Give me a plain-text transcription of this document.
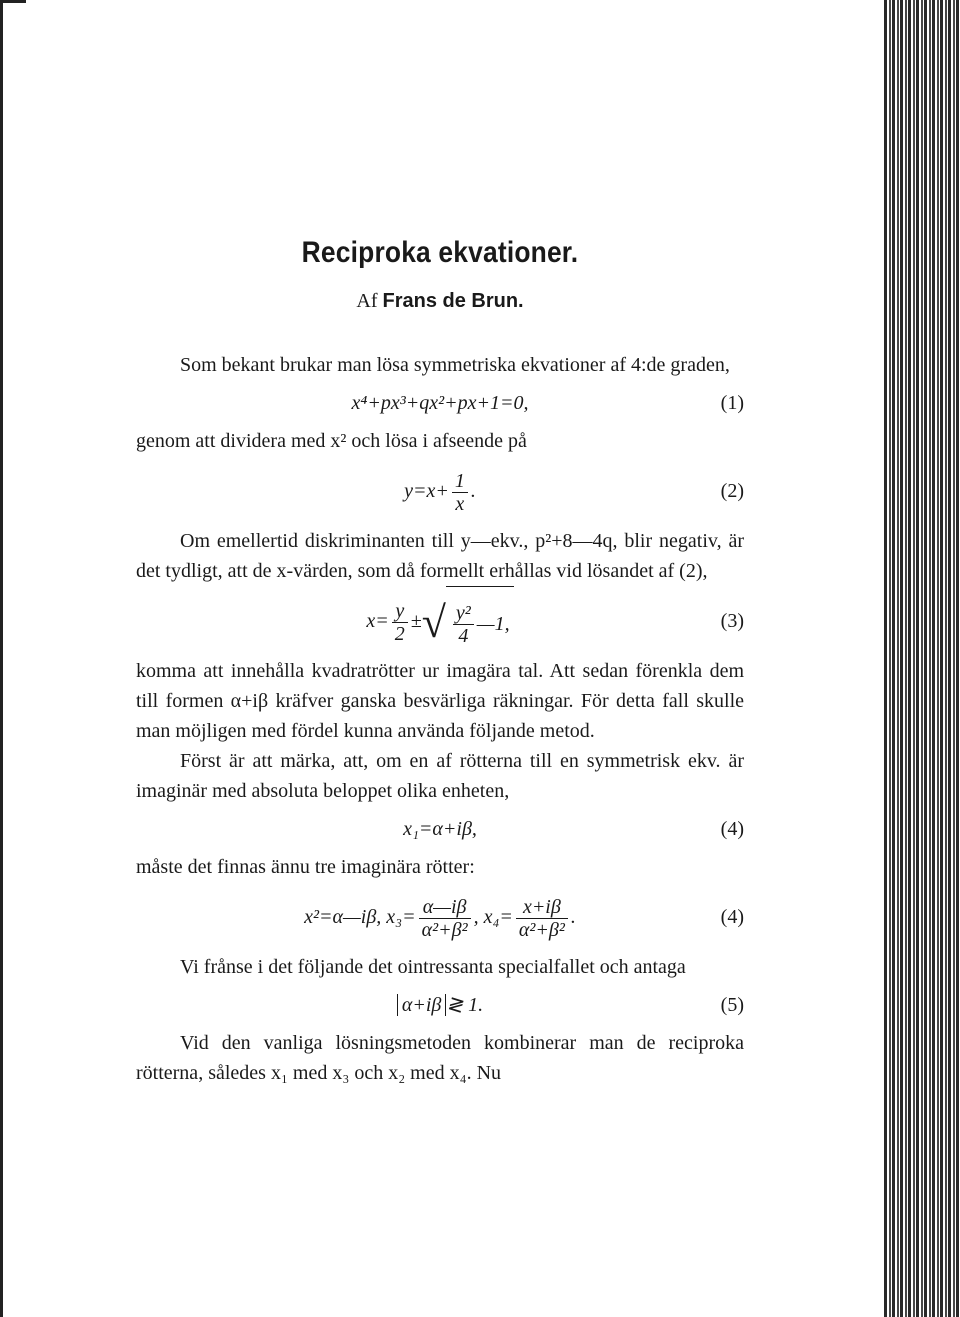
Reciproka ekvationer.
Af Frans de Brun.

Som bekant brukar man lösa symmetriska ekvationer af 4:de graden,

x⁴+px³+qx²+px+1=0,	(1)

genom att dividera med x² och lösa i afseende på

$y=x+ \frac{1}{x}$ .	(2)

Om emellertid diskriminanten till y—ekv., p²+8—4q, blir negativ, är det tydligt, att de x-värden, som då formellt erhållas vid lösandet af (2),

$x= \frac{y}{2}$ ± √ $\frac{\text{y²}}{4}$ —1,	(3)

komma att innehålla kvadratrötter ur imagära tal. Att sedan förenkla dem till formen α+iβ kräfver ganska besvärliga räkningar. För detta fall skulle man möjligen med fördel kunna använda följande metod.

Först är att märka, att, om en af rötterna till en symmetrisk ekv. är imaginär med absoluta beloppet olika enheten,

x₁=α+iβ,	(4)

måste det finnas ännu tre imaginära rötter:

x²=α—iβ, $x_3= \frac{\alpha—i\beta}{\text{α²+β²}}$ , $x_4= \frac{x+i\beta}{\text{α²+β²}}$ .	(4)

Vi frånse i det följande det ointressanta specialfallet och antaga

α+iβ ≷ 1.	(5)

Vid den vanliga lösningsmetoden kombinerar man de reciproka rötterna, således x₁ med x₃ och x₂ med x₄. Nu
